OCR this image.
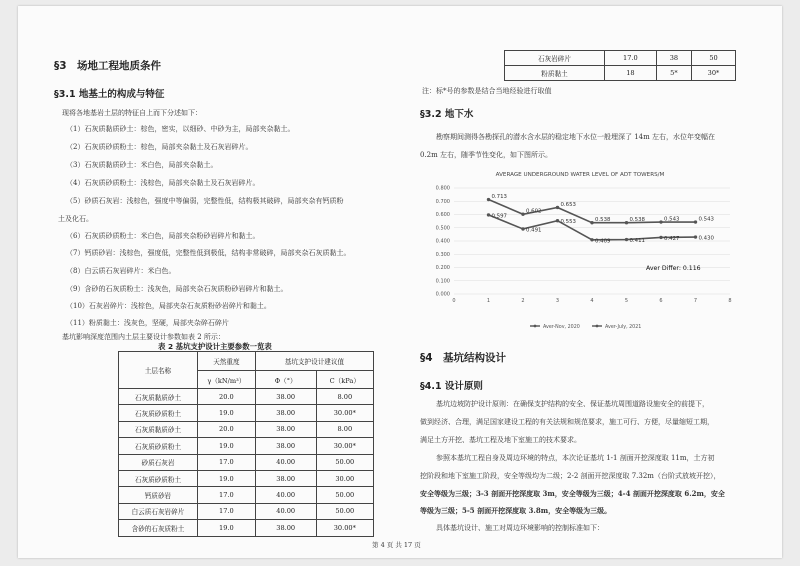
§3　场地工程地质条件
§3.1 地基土的构成与特征
现将各地基岩土层的特征自上而下分述如下：
（1）石灰质黏质砂土：棕色，密实，以细砂、中砂为主，局部夹杂黏土。
（2）石灰质砂质粉土：棕色，局部夹杂黏土及石灰岩碎片。
（3）石灰质黏质砂土：米白色，局部夹杂黏土。
（4）石灰质砂质粉土：浅棕色，局部夹杂黏土及石灰岩碎片。
（5）砂质石灰岩：浅棕色，强度中等偏弱，完整性低，结构极其破碎，局部夹杂有钙质粉
土及化石。
（6）石灰质砂质粉土：米白色，局部夹杂粉砂岩碎片和黏土。
（7）钙质砂岩：浅棕色，强度低，完整性低到极低，结构非常破碎，局部夹杂石灰质黏土。
（8）白云质石灰岩碎片：米白色。
（9）含砂的石灰质粉土：浅灰色，局部夹杂石灰质粉砂岩碎片和黏土。
（10）石灰岩碎片：浅棕色，局部夹杂石灰质粉砂岩碎片和黏土。
（11）粉质黏土：浅灰色，坚硬，局部夹杂碎石碎片
基坑影响深度范围内土层主要设计参数如表 2 所示：
表 2 基坑支护设计主要参数一览表
土层名称	天然重度	基坑支护设计建议值	
	γ（kN/m³）	Φ（°）	C（kPa）
石灰质黏质砂土	20.0	38.00	8.00
石灰质砂质粉土	19.0	38.00	30.00*
石灰质黏质砂土	20.0	38.00	8.00
石灰质砂质粉土	19.0	38.00	30.00*
砂质石灰岩	17.0	40.00	50.00
石灰质砂质粉土	19.0	38.00	30.00
钙质砂岩	17.0	40.00	50.00
白云质石灰岩碎片	17.0	40.00	50.00
含砂的石灰质粉土	19.0	38.00	30.00*
石灰岩碎片	17.0	38	50
粉质黏土	18	5*	30*
注：标*号的参数是结合当地经验进行取值
§3.2 地下水
勘察期间测得各勘探孔的潜水含水层的稳定地下水位一般埋深了 14m 左右，水位年变幅在
0.2m 左右，随季节性变化，如下图所示。
AVERAGE UNDERGROUND WATER LEVEL OF ADT TOWERS/M
0.000
0.100
0.200
0.300
0.400
0.500
0.600
0.700
0.800
0	1	2	3	4	5	6	7	8
0.713
0.602
0.653
0.538	0.538	0.543	0.543
0.597
0.491
0.553
0.409	0.411	0.427	0.430
Aver Differ: 0.116
Aver-Nov, 2020	Aver-July, 2021
§4　基坑结构设计
§4.1 设计原则
基坑边坡防护设计原则：在确保支护结构的安全、保证基坑周围道路设施安全的前提下，
做到经济、合理，满足国家建设工程的有关法规和规范要求，施工可行、方便，尽量缩短工期，
满足土方开挖、基坑工程及地下室施工的技术要求。
参照本基坑工程自身及周边环境的特点，本次论证基坑 1-1 剖面开挖深度取 11m，土方初
挖阶段和地下室施工阶段，安全等级均为二级；2-2 剖面开挖深度取 7.32m（台阶式放坡开挖），
安全等级为三级；3-3 剖面开挖深度取 3m，安全等级为三级；4-4 剖面开挖深度取 6.2m，安全
等级为三级；5-5 剖面开挖深度取 3.8m，安全等级为三级。
具体基坑设计、施工对周边环境影响的控制标准如下：
第 4 页 共 17 页
